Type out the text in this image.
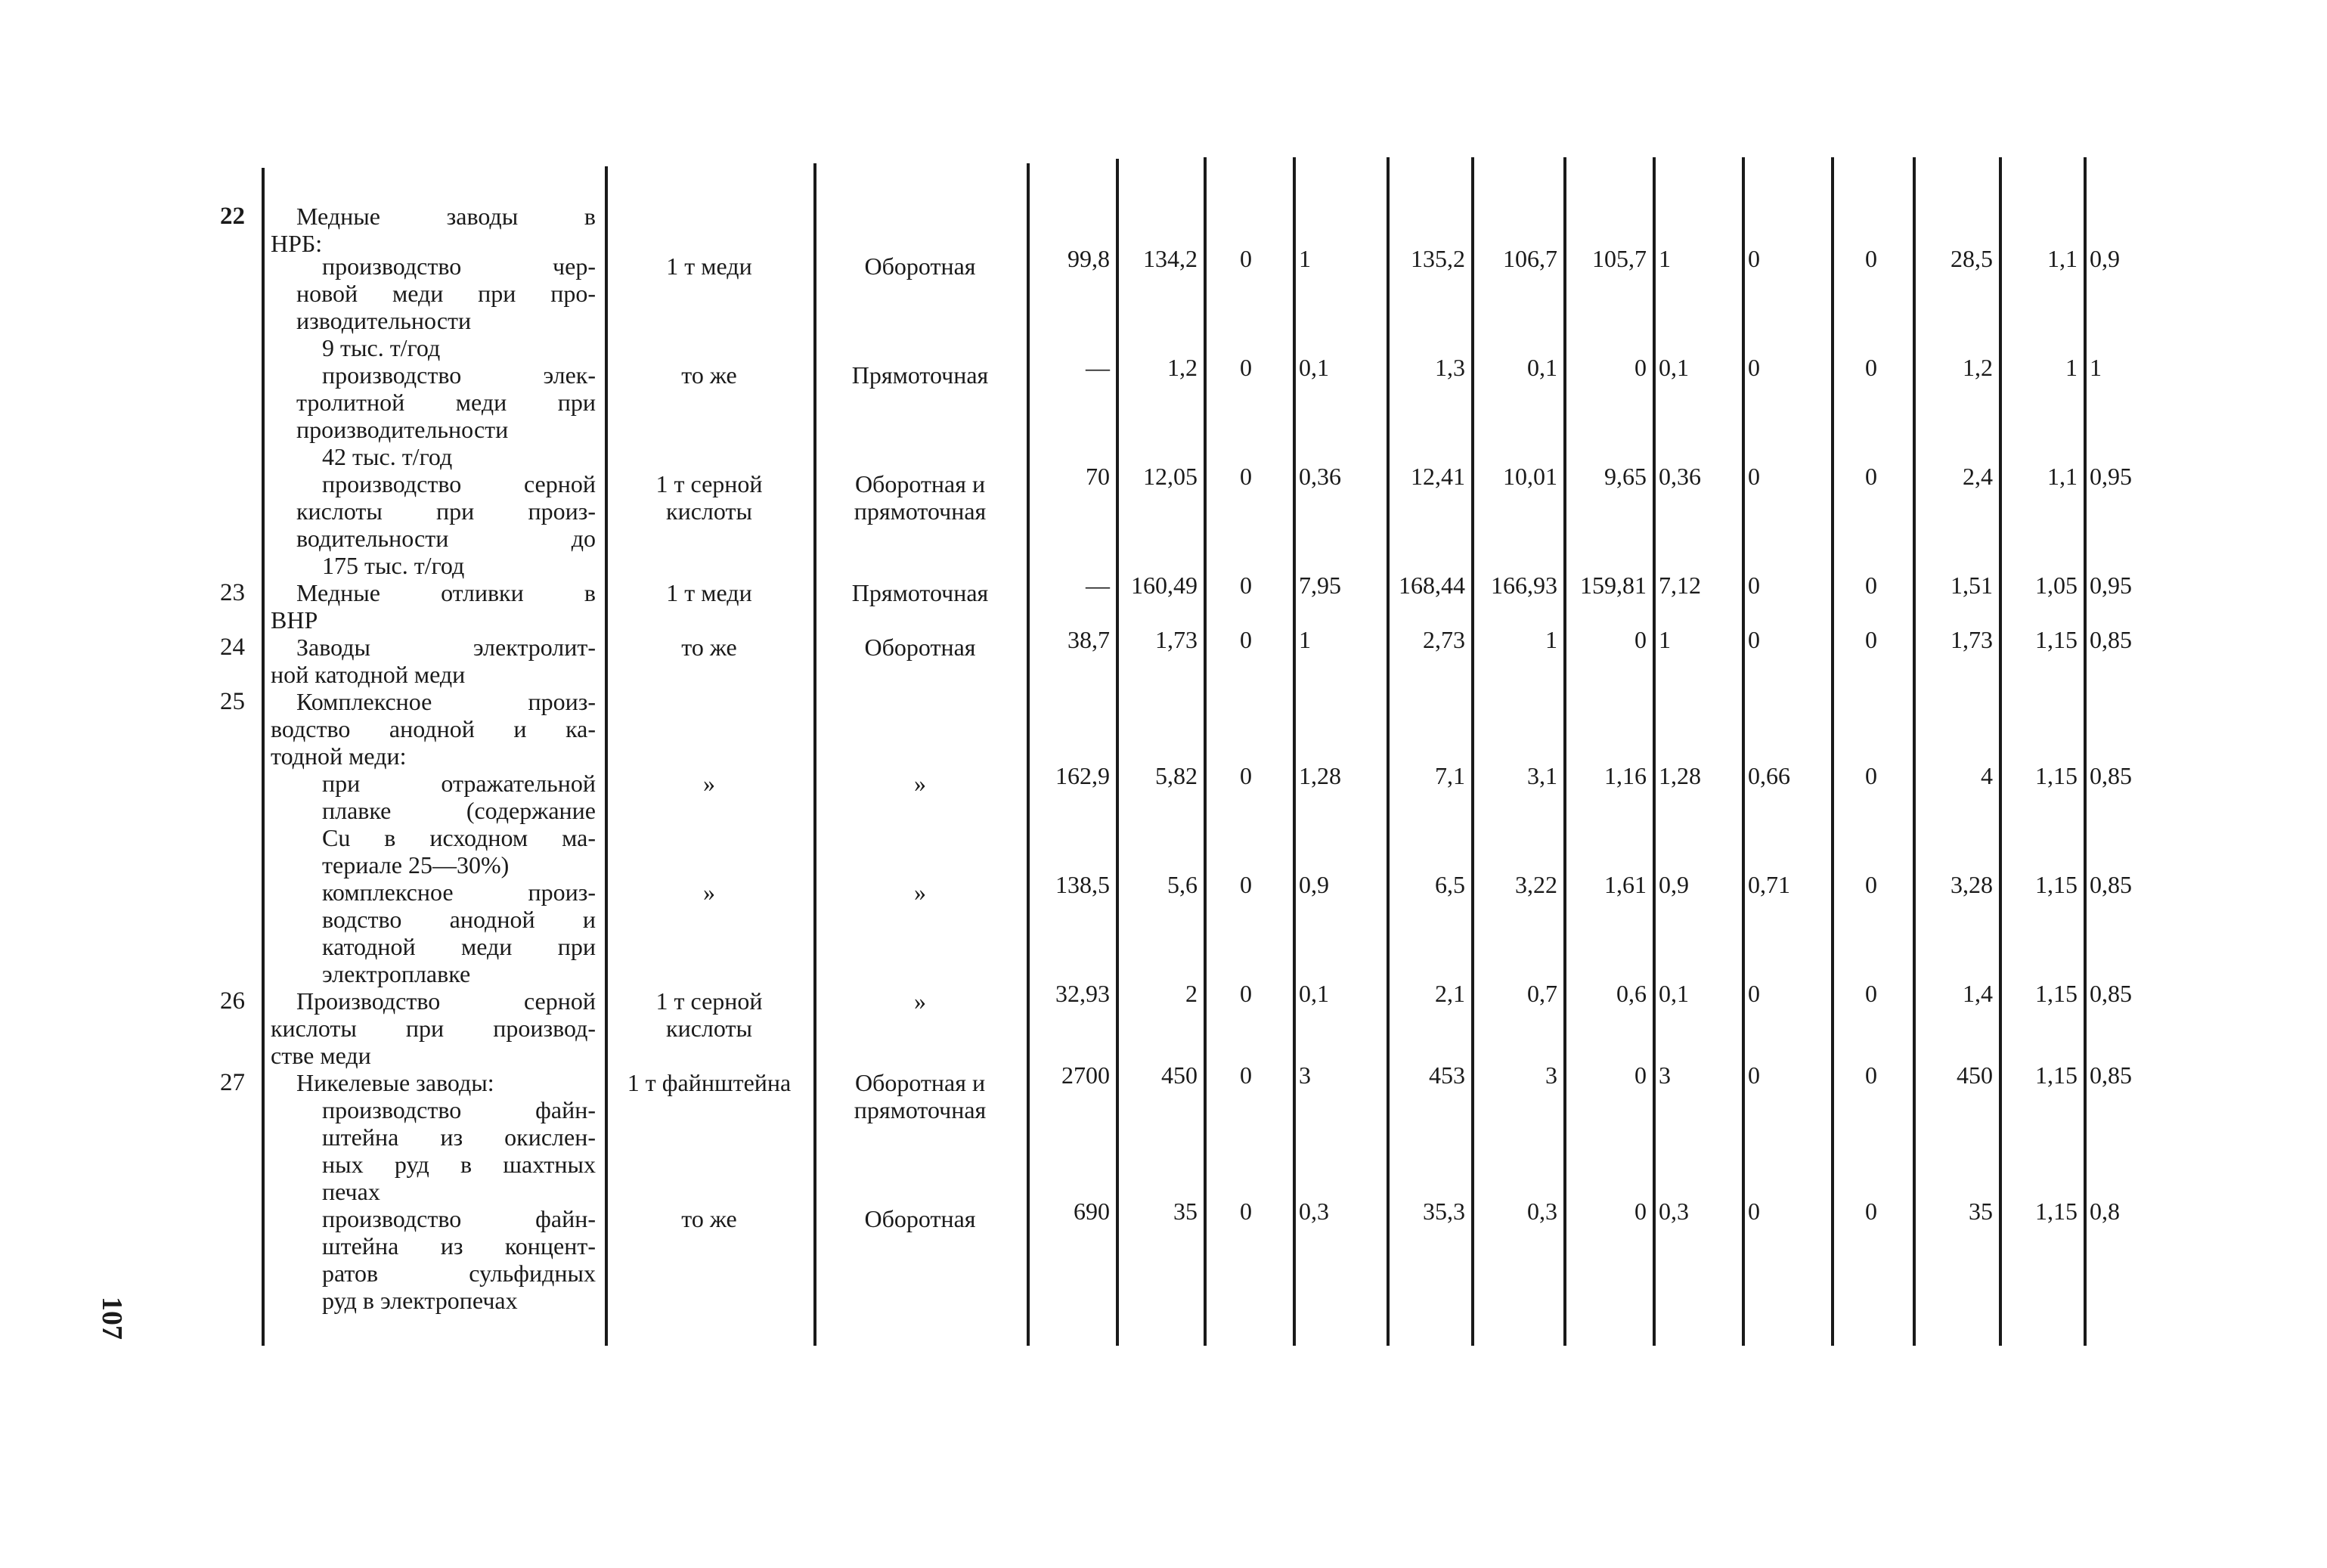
22	Медные заводы в
НРБ:
производство чер-
новой меди при про-
изводительности
9 тыс. т/год
1 т меди	Оборотная	99,8	134,2	0	1	135,2	106,7	105,7 1	0	0	28,5	1,1 0,9
производство элек-
тролитной меди при
производительности
42 тыс. т/год
то же	Прямоточная	—	1,2	0	0,1	1,3	0,1	0 0,1	0	0	1,2	1 1
производство серной
кислоты при произ-
водительности до
175 тыс. т/год
1 т серной
кислоты
Оборотная и
прямоточная
70	12,05	0	0,36	12,41	10,01	9,65 0,36	0	0	2,4	1,1 0,95
23	Медные отливки в
ВНР
1 т меди	Прямоточная	— 160,49	0	7,95	168,44	166,93 159,81 7,12	0	0	1,51	1,05 0,95
24	Заводы электролит-
ной катодной меди
то же	Оборотная	38,7	1,73	0	1	2,73	1	0 1	0	0	1,73	1,15 0,85
25	Комплексное произ-
водство анодной и ка-
тодной меди:
при отражательной
плавке (содержание
Cu в исходном ма-
териале 25—30%)
»	»	162,9	5,82	0	1,28	7,1	3,1	1,16 1,28	0,66	0	4	1,15 0,85
комплексное произ-
водство анодной и
катодной меди при
электроплавке
»	»	138,5	5,6	0	0,9	6,5	3,22	1,61 0,9	0,71	0	3,28	1,15 0,85
26	Производство серной
кислоты при производ-
стве меди
1 т серной
кислоты
»	32,93	2	0	0,1	2,1	0,7	0,6 0,1	0	0	1,4	1,15 0,85
27	Никелевые заводы:
производство файн-
штейна из окислен-
ных руд в шахтных
печах
1 т файнштейна	Оборотная и
прямоточная
2700	450	0	3	453	3	0 3	0	0	450	1,15 0,85
производство файн-
штейна из концент-
ратов сульфидных
руд в электропечах
то же	Оборотная	690	35	0	0,3	35,3	0,3	0 0,3	0	0	35	1,15 0,8
107
